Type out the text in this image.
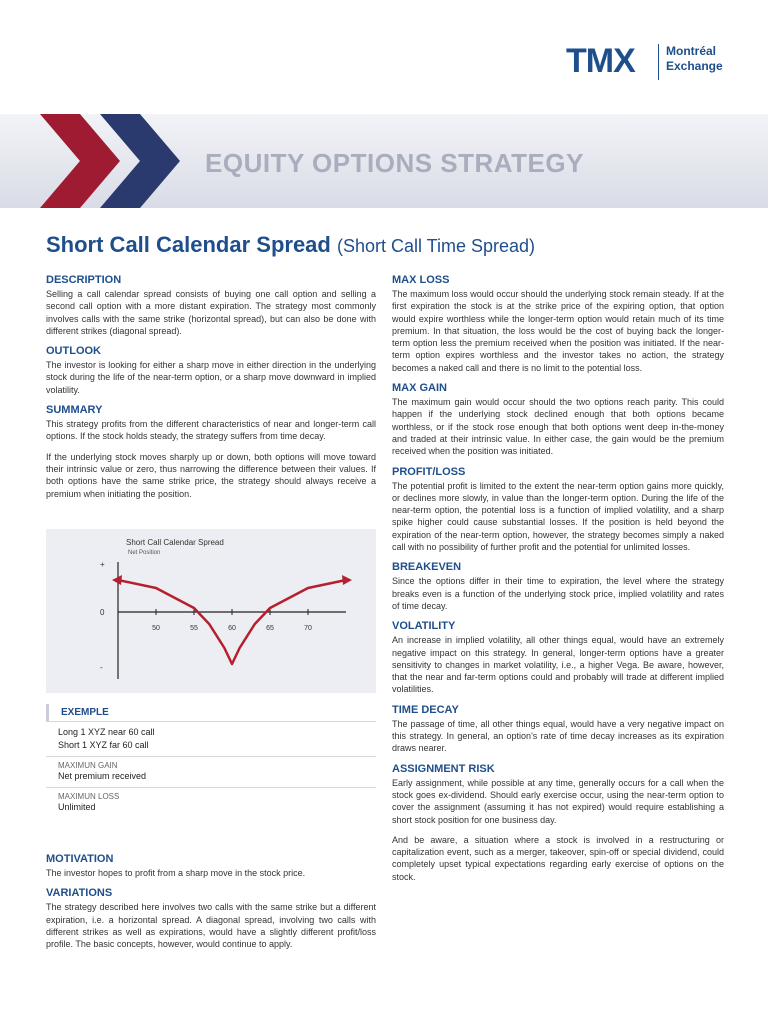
TMX	Montréal
Exchange
EQUITY OPTIONS STRATEGY
Short Call Calendar Spread (Short Call Time Spread)
DESCRIPTION

Selling a call calendar spread consists of buying one call option and selling a second call option with a more distant expiration. The strategy most commonly involves calls with the same strike (horizontal spread), but can also be done with different strikes (diagonal spread).

OUTLOOK

The investor is looking for either a sharp move in either direction in the underlying stock during the life of the near-term option, or a sharp move downward in implied volatility.

SUMMARY

This strategy profits from the different characteristics of near and longer-term call options. If the stock holds steady, the strategy suffers from time decay.

If the underlying stock moves sharply up or down, both options will move toward their intrinsic value or zero, thus narrowing the difference between their values. If both options have the same strike price, the strategy should always receive a premium when initiating the position.

Short Call Calendar Spread
Net Position
+
0
-
50	55	60	65	70
EXEMPLE
Long 1 XYZ near 60 call
Short 1 XYZ far 60 call
MAXIMUN GAIN
Net premium received
MAXIMUN LOSS
Unlimited
MOTIVATION

The investor hopes to profit from a sharp move in the stock price.

VARIATIONS

The strategy described here involves two calls with the same strike but a different expiration, i.e. a horizontal spread. A diagonal spread, involving two calls with different strikes as well as expirations, would have a slightly different profit/loss profile. The basic concepts, however, would continue to apply.

MAX LOSS

The maximum loss would occur should the underlying stock remain steady. If at the first expiration the stock is at the strike price of the expiring option, that option would expire worthless while the longer-term option would retain much of its time premium. In that situation, the loss would be the cost of buying back the longer-term option less the premium received when the position was initiated. If the near-term option expires worthless and the investor takes no action, the strategy becomes a naked call and there is no limit to the potential loss.

MAX GAIN

The maximum gain would occur should the two options reach parity. This could happen if the underlying stock declined enough that both options became worthless, or if the stock rose enough that both options went deep in-the-money and traded at their intrinsic value. In either case, the gain would be the premium received when the position was initiated.

PROFIT/LOSS

The potential profit is limited to the extent the near-term option gains more quickly, or declines more slowly, in value than the longer-term option. During the life of the near-term option, the potential loss is a function of implied volatility, and a sharp spike higher could cause substantial losses. If the position is held beyond the expiration of the near-term option, however, the strategy becomes simply a naked call with no possibility of further profit and the potential for unlimited losses.

BREAKEVEN

Since the options differ in their time to expiration, the level where the strategy breaks even is a function of the underlying stock price, implied volatility and rates of time decay.

VOLATILITY

An increase in implied volatility, all other things equal, would have an extremely negative impact on this strategy. In general, longer-term options have a greater sensitivity to changes in market volatility, i.e., a higher Vega. Be aware, however, that the near and far-term options could and probably will trade at different implied volatilities.

TIME DECAY

The passage of time, all other things equal, would have a very negative impact on this strategy. In general, an option's rate of time decay increases as its expiration draws nearer.

ASSIGNMENT RISK

Early assignment, while possible at any time, generally occurs for a call when the stock goes ex-dividend. Should early exercise occur, using the near-term option to cover the assignment (assuming it has not expired) would require establishing a short stock position for one business day.

And be aware, a situation where a stock is involved in a restructuring or capitalization event, such as a merger, takeover, spin-off or special dividend, could completely upset typical expectations regarding early exercise of options on the stock.
